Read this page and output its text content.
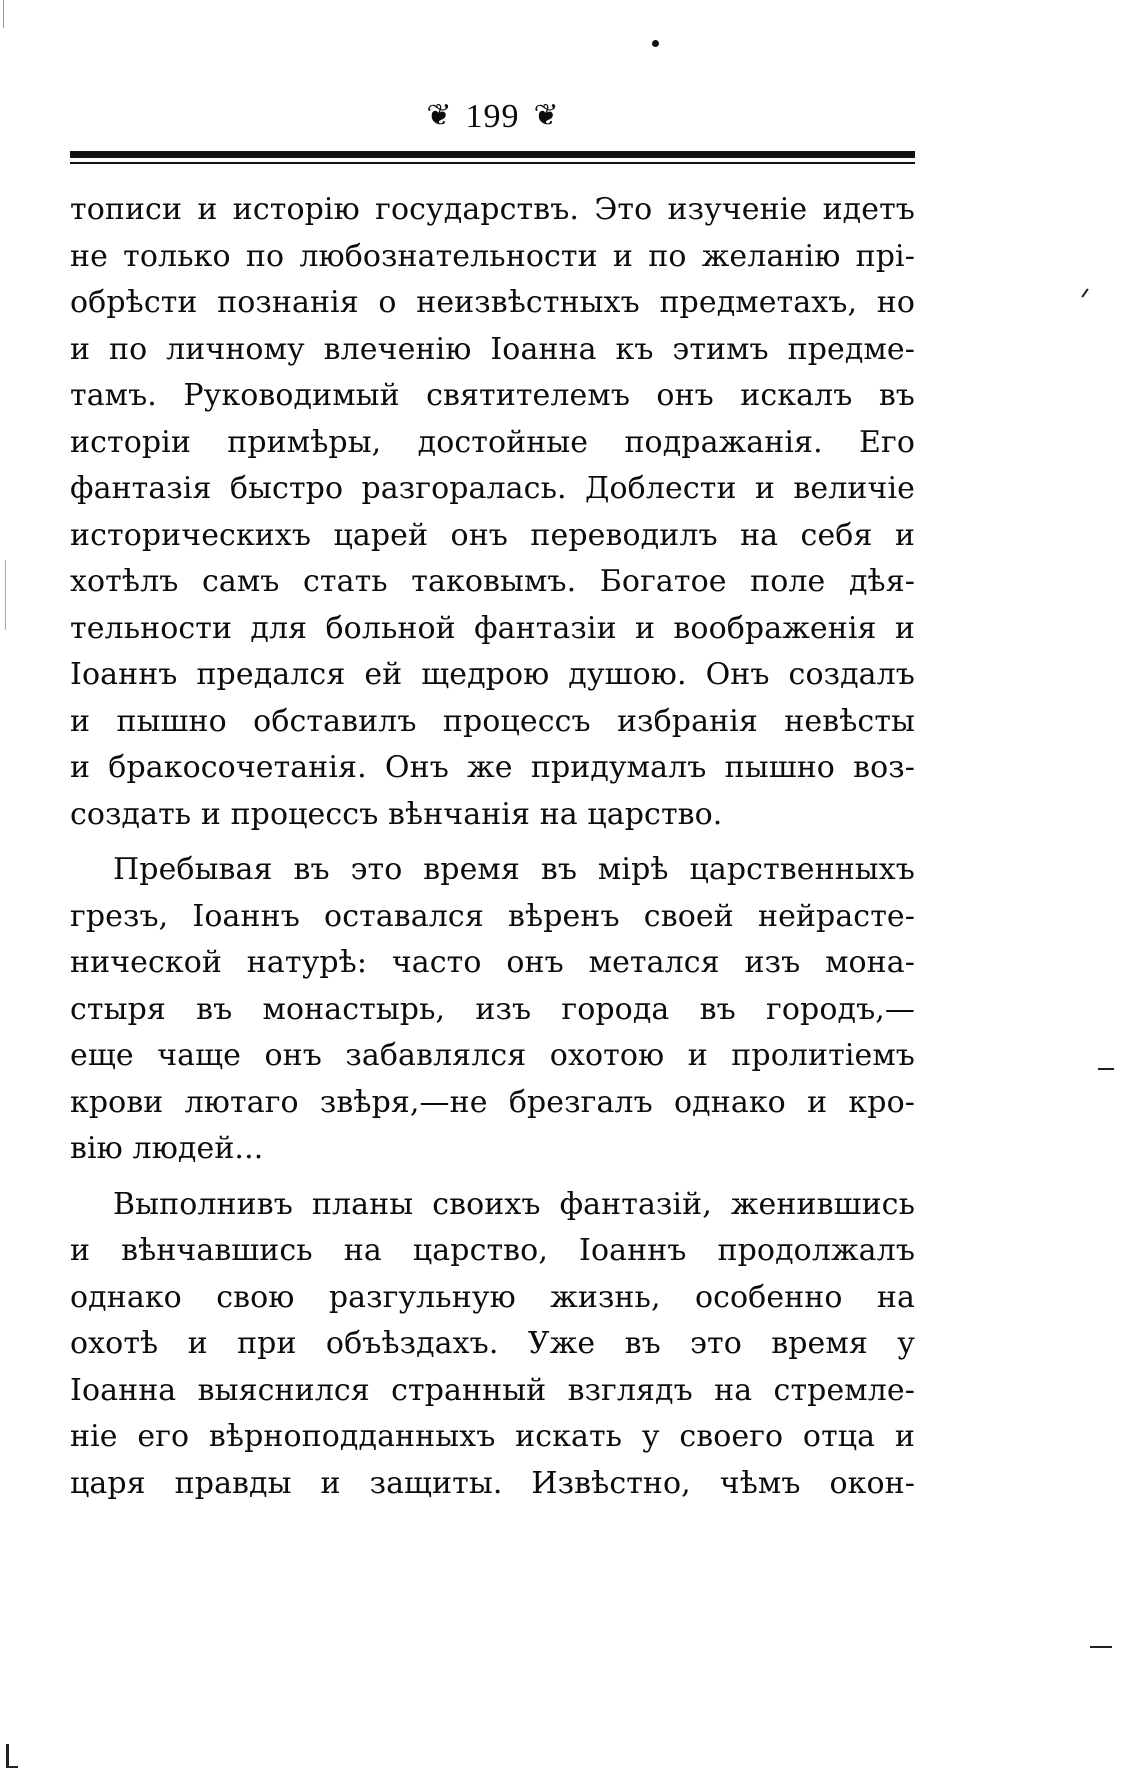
❦ 199 ❦
тописи и исторію государствъ. Это изученіе идетъ
не только по любознательности и по желанію прі-
обрѣсти познанія о неизвѣстныхъ предметахъ, но
и по личному влеченію Іоанна къ этимъ предме-
тамъ. Руководимый святителемъ онъ искалъ въ
исторіи примѣры, достойные подражанія. Его
фантазія быстро разгоралась. Доблести и величіе
историческихъ царей онъ переводилъ на себя и
хотѣлъ самъ стать таковымъ. Богатое поле дѣя-
тельности для больной фантазіи и воображенія и
Іоаннъ предался ей щедрою душою. Онъ создалъ
и пышно обставилъ процессъ избранія невѣсты
и бракосочетанія. Онъ же придумалъ пышно воз-
создать и процессъ вѣнчанія на царство.
Пребывая въ это время въ мірѣ царственныхъ
грезъ, Іоаннъ оставался вѣренъ своей нейрасте-
нической натурѣ: часто онъ метался изъ мона-
стыря въ монастырь, изъ города въ городъ,—
еще чаще онъ забавлялся охотою и пролитіемъ
крови лютаго звѣря,—не брезгалъ однако и кро-
вію людей...
Выполнивъ планы своихъ фантазій, женившись
и вѣнчавшись на царство, Іоаннъ продолжалъ
однако свою разгульную жизнь, особенно на
охотѣ и при объѣздахъ. Уже въ это время у
Іоанна выяснился странный взглядъ на стремле-
ніе его вѣрноподданныхъ искать у своего отца и
царя правды и защиты. Извѣстно, чѣмъ окон-
